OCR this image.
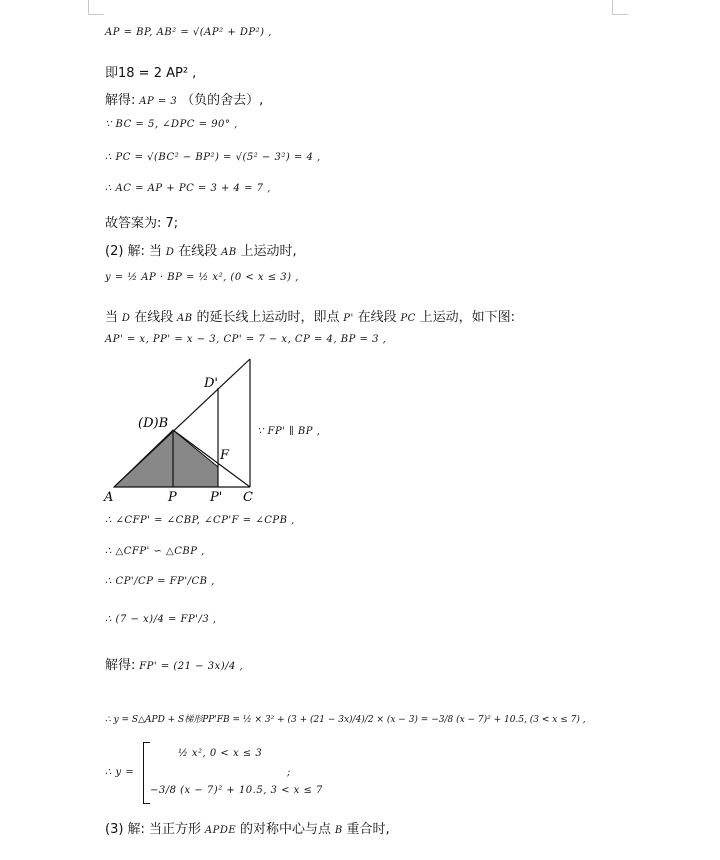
AP = BP, AB² = √(AP² + DP²) ,
即18 = 2 AP² ,
解得: AP = 3 （负的舍去）,
∵ BC = 5, ∠DPC = 90° ,
∴ PC = √(BC² − BP²) = √(5² − 3²) = 4 ,
∴ AC = AP + PC = 3 + 4 = 7 ,
故答案为: 7;
(2) 解: 当 D 在线段 AB 上运动时,
y = ½ AP · BP = ½ x², (0 < x ≤ 3) ,
当 D 在线段 AB 的延长线上运动时，即点 P' 在线段 PC 上运动，如下图:
AP' = x, PP' = x − 3, CP' = 7 − x, CP = 4, BP = 3 ,
A	P	P' C
(D)B
D'
F
∵ FP' ∥ BP ,
∴ ∠CFP' = ∠CBP, ∠CP'F = ∠CPB ,
∴ △CFP' ∽ △CBP ,
∴ CP'/CP = FP'/CB ,
∴ (7 − x)/4 = FP'/3 ,
解得: FP' = (21 − 3x)/4 ,
∴ y = S△APD + S梯形PP'FB = ½ × 3² + (3 + (21 − 3x)/4)/2 × (x − 3) = −3/8 (x − 7)² + 10.5, (3 < x ≤ 7) ,
∴ y =
½ x², 0 < x ≤ 3
−3/8 (x − 7)² + 10.5, 3 < x ≤ 7
;
(3) 解: 当正方形 APDE 的对称中心与点 B 重合时,
